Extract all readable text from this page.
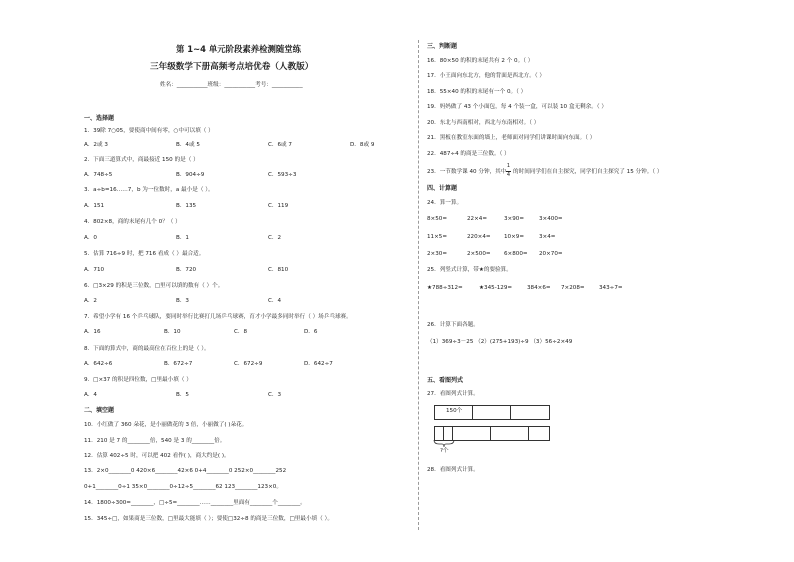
第 1~4 单元阶段素养检测随堂练
三年级数学下册高频考点培优卷（人教版）
姓名：___________班级：___________考号：___________
一、选择题
1．39除 7○05，要使商中间有零，○中可以填（ ）
A．2或 3	B．4或 5	C．6或 7	D．8或 9
2．下面三道算式中，商最接近 150 的是（ ）
A．748÷5	B．904÷9	C．593÷3
3．a÷b=16……7，b 为一位数时，a 最小是（ ）。
A．151	B．135	C．119
4．802×8，商的末尾有几个 0？（ ）
A．0	B．1	C．2
5．估算 716÷9 时，把 716 看成（ ）最合适。
A．710	B．720	C．810
6．□3×29 的积是三位数，□里可以填的数有（ ）个。
A．2	B．3	C．4
7．希望小学有 16 个乒乓球队，要同时举行比赛打几场乒乓球赛，育才小学最多同时举行（ ）场乒乓球赛。
A．16	B．10	C．8	D．6
8．下面的算式中，商的最高位在百位上的是（ ）。
A．642÷6	B．672÷7	C．672÷9	D．642÷7
9．□×37 的积是四位数，□里最小填（ ）
A．4	B．5	C．3
二、填空题
10．小红做了 360 朵花，是小丽做花的 3 倍，小丽做了( )朵花。
11．210 是 7 的________倍，540 是 3 的________倍。
12．估算 402÷5 时，可以把 402 看作( )，商大约是( )。
13．2×0________0 420×6________42×6 0+4________0 252×0________252
0+1________0÷1 35×0________0÷12÷5________62 123________123×0。
14．1800÷300=________，□÷5=________……________里面有________个________。
15．345÷□，如果商是三位数，□里最大能填（ ）；要使□32÷8 的商是三位数，□里最小填（ ）。
三、判断题
16．80×50 的积的末尾共有 2 个 0。（ ）
17．小王面向东北方，他的背面是西北方。（ ）
18．55×40 的积的末尾有一个 0。（ ）
19．妈妈做了 43 个小面包，每 4 个装一盒，可以装 10 盒无剩余。（ ）
20．东北与西南相对，西北与东南相对。（ ）
21．黑板在教室东面的墙上，老师面对同学们讲课时面向东面。（ ）
22．487÷4 的商是三位数。（ ）
23．一节数学课 40 分钟，其中
1
4 的时间同学们在自主探究，同学们自主探究了 15 分钟。（ ）
四、计算题
24．算一算。
8×50=	22×4=	3×90=	3×400=
11×5=	220×4= 10×9=	3×4=
2×30=	2×500= 6×800= 20×70=
25．列竖式计算，带★的要验算。
★788÷312=	★345-129=	384×6= 7×208=	343÷7=
26．计算下面各题。
（1）369÷3－25 （2）(275+193)÷9 （3）56÷2×49
五、看图列式
27．看图列式计算。
150个
?个
28．看图列式计算。
